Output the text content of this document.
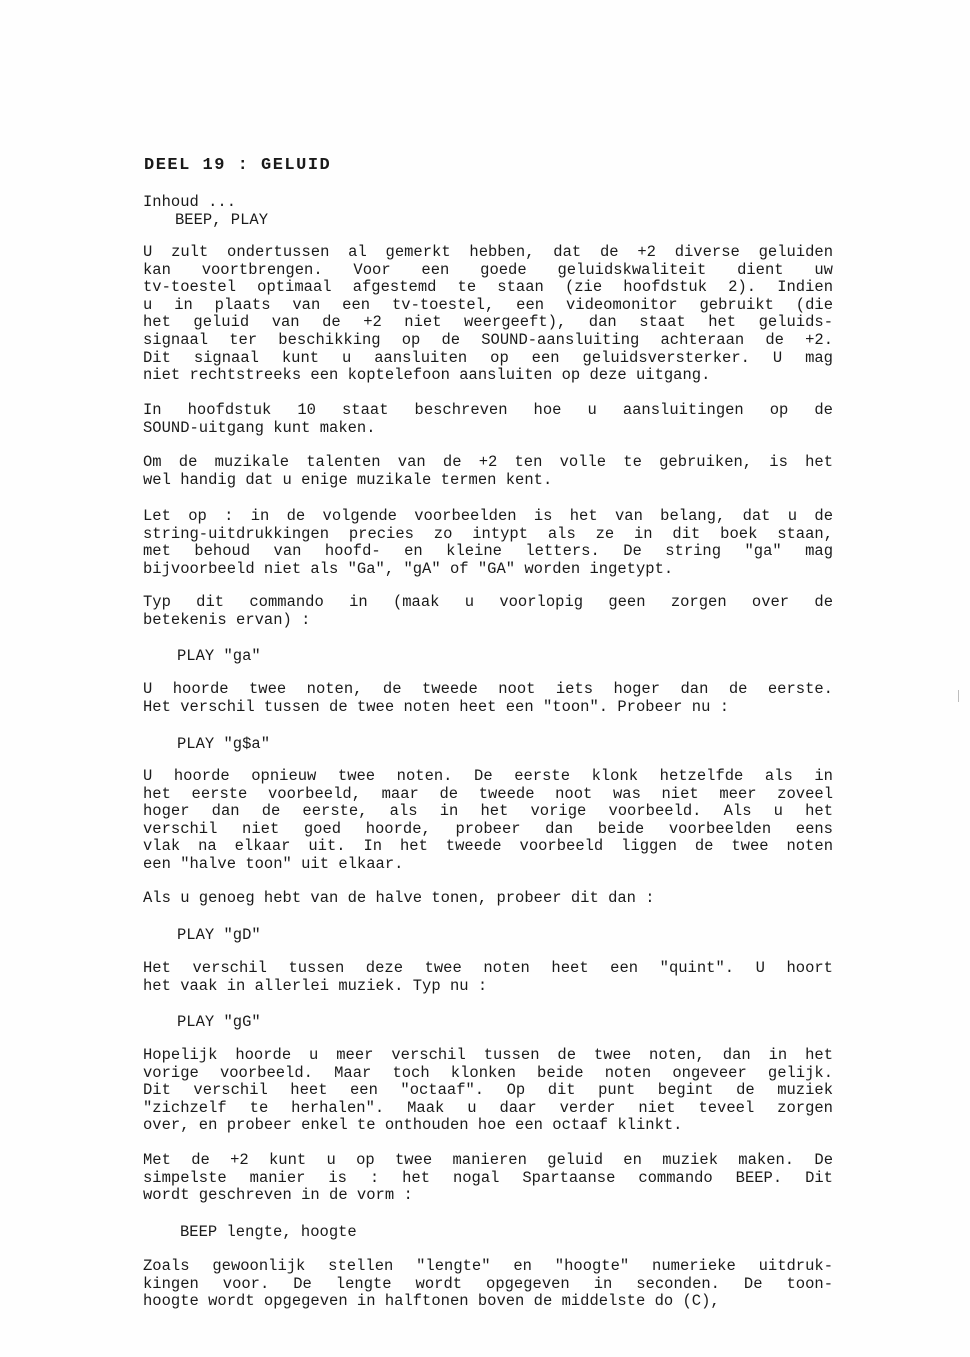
DEEL 19 : GELUID
Inhoud ...
BEEP, PLAY
U zult ondertussen al gemerkt hebben, dat de +2 diverse geluiden
kan voortbrengen. Voor een goede geluidskwaliteit dient uw
tv-toestel optimaal afgestemd te staan (zie hoofdstuk 2). Indien
u in plaats van een tv-toestel, een videomonitor gebruikt (die
het geluid van de +2 niet weergeeft), dan staat het geluids-
signaal ter beschikking op de SOUND-aansluiting achteraan de +2.
Dit signaal kunt u aansluiten op een geluidsversterker. U mag
niet rechtstreeks een koptelefoon aansluiten op deze uitgang.
In hoofdstuk 10 staat beschreven hoe u aansluitingen op de
SOUND-uitgang kunt maken.
Om de muzikale talenten van de +2 ten volle te gebruiken, is het
wel handig dat u enige muzikale termen kent.
Let op : in de volgende voorbeelden is het van belang, dat u de
string-uitdrukkingen precies zo intypt als ze in dit boek staan,
met behoud van hoofd- en kleine letters. De string "ga" mag
bijvoorbeeld niet als "Ga", "gA" of "GA" worden ingetypt.
Typ dit commando in (maak u voorlopig geen zorgen over de
betekenis ervan) :
PLAY "ga"
U hoorde twee noten, de tweede noot iets hoger dan de eerste.
Het verschil tussen de twee noten heet een "toon". Probeer nu :
PLAY "g$a"
U hoorde opnieuw twee noten. De eerste klonk hetzelfde als in
het eerste voorbeeld, maar de tweede noot was niet meer zoveel
hoger dan de eerste, als in het vorige voorbeeld. Als u het
verschil niet goed hoorde, probeer dan beide voorbeelden eens
vlak na elkaar uit. In het tweede voorbeeld liggen de twee noten
een "halve toon" uit elkaar.
Als u genoeg hebt van de halve tonen, probeer dit dan :
PLAY "gD"
Het verschil tussen deze twee noten heet een "quint". U hoort
het vaak in allerlei muziek. Typ nu :
PLAY "gG"
Hopelijk hoorde u meer verschil tussen de twee noten, dan in het
vorige voorbeeld. Maar toch klonken beide noten ongeveer gelijk.
Dit verschil heet een "octaaf". Op dit punt begint de muziek
"zichzelf te herhalen". Maak u daar verder niet teveel zorgen
over, en probeer enkel te onthouden hoe een octaaf klinkt.
Met de +2 kunt u op twee manieren geluid en muziek maken. De
simpelste manier is : het nogal Spartaanse commando BEEP. Dit
wordt geschreven in de vorm :
BEEP lengte, hoogte
Zoals gewoonlijk stellen "lengte" en "hoogte" numerieke uitdruk-
kingen voor. De lengte wordt opgegeven in seconden. De toon-
hoogte wordt opgegeven in halftonen boven de middelste do (C),
